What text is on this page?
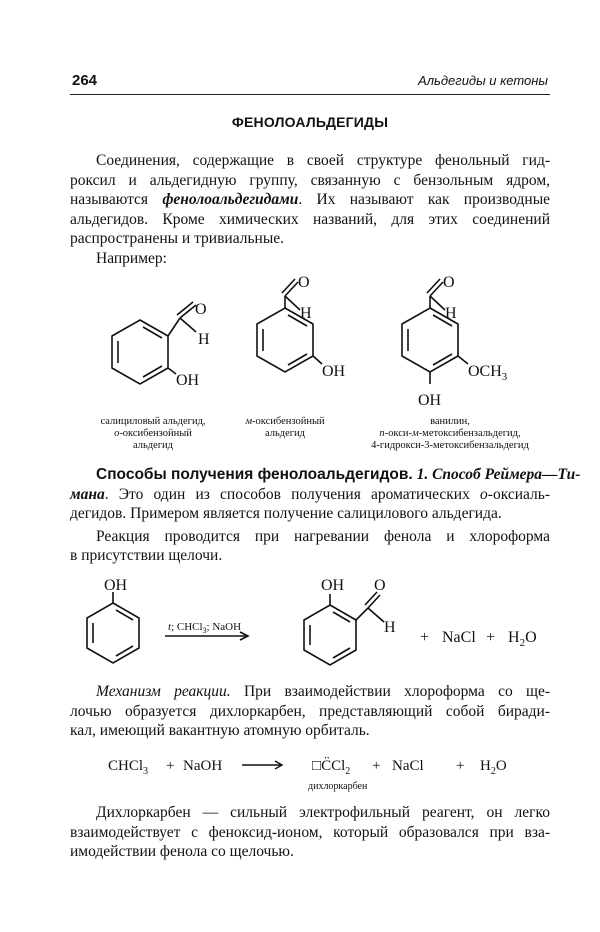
264	Альдегиды и кетоны
ФЕНОЛОАЛЬДЕГИДЫ
Соединения, содержащие в своей структуре фенольный гид-
роксил и альдегидную группу, связанную с бензольным ядром,
называются фенолоальдегидами. Их называют как производные
альдегидов. Кроме химических названий, для этих соединений
распространены и тривиальные.
Например:
O
H
OH
O
H
OH
O
H
$OCH_3$
OH
салициловый альдегид,
о-оксибензойный
альдегид
м-оксибензойный
альдегид
ванилин,
п-окси-м-метоксибензальдегид,
4-гидрокси-3-метоксибензальдегид
Способы получения фенолоальдегидов. 1. Способ Реймера—Ти-
мана. Это один из способов получения ароматических о-оксиаль-
дегидов. Примером является получение салицилового альдегида.
Реакция проводится при нагревании фенола и хлороформа
в присутствии щелочи.
OH
t; CHCl$_3$; NaOH
OH O
H
+ NaCl + $H_2O$
Механизм реакции. При взаимодействии хлороформа со ще-
лочью образуется дихлоркарбен, представляющий собой биради-
кал, имеющий вакантную атомную орбиталь.
CHCl$_3$ + NaOH	$□C̈Cl_2$ + NaCl + $H_2O$
дихлоркарбен
Дихлоркарбен — сильный электрофильный реагент, он легко
взаимодействует с феноксид-ионом, который образовался при вза-
имодействии фенола со щелочью.
